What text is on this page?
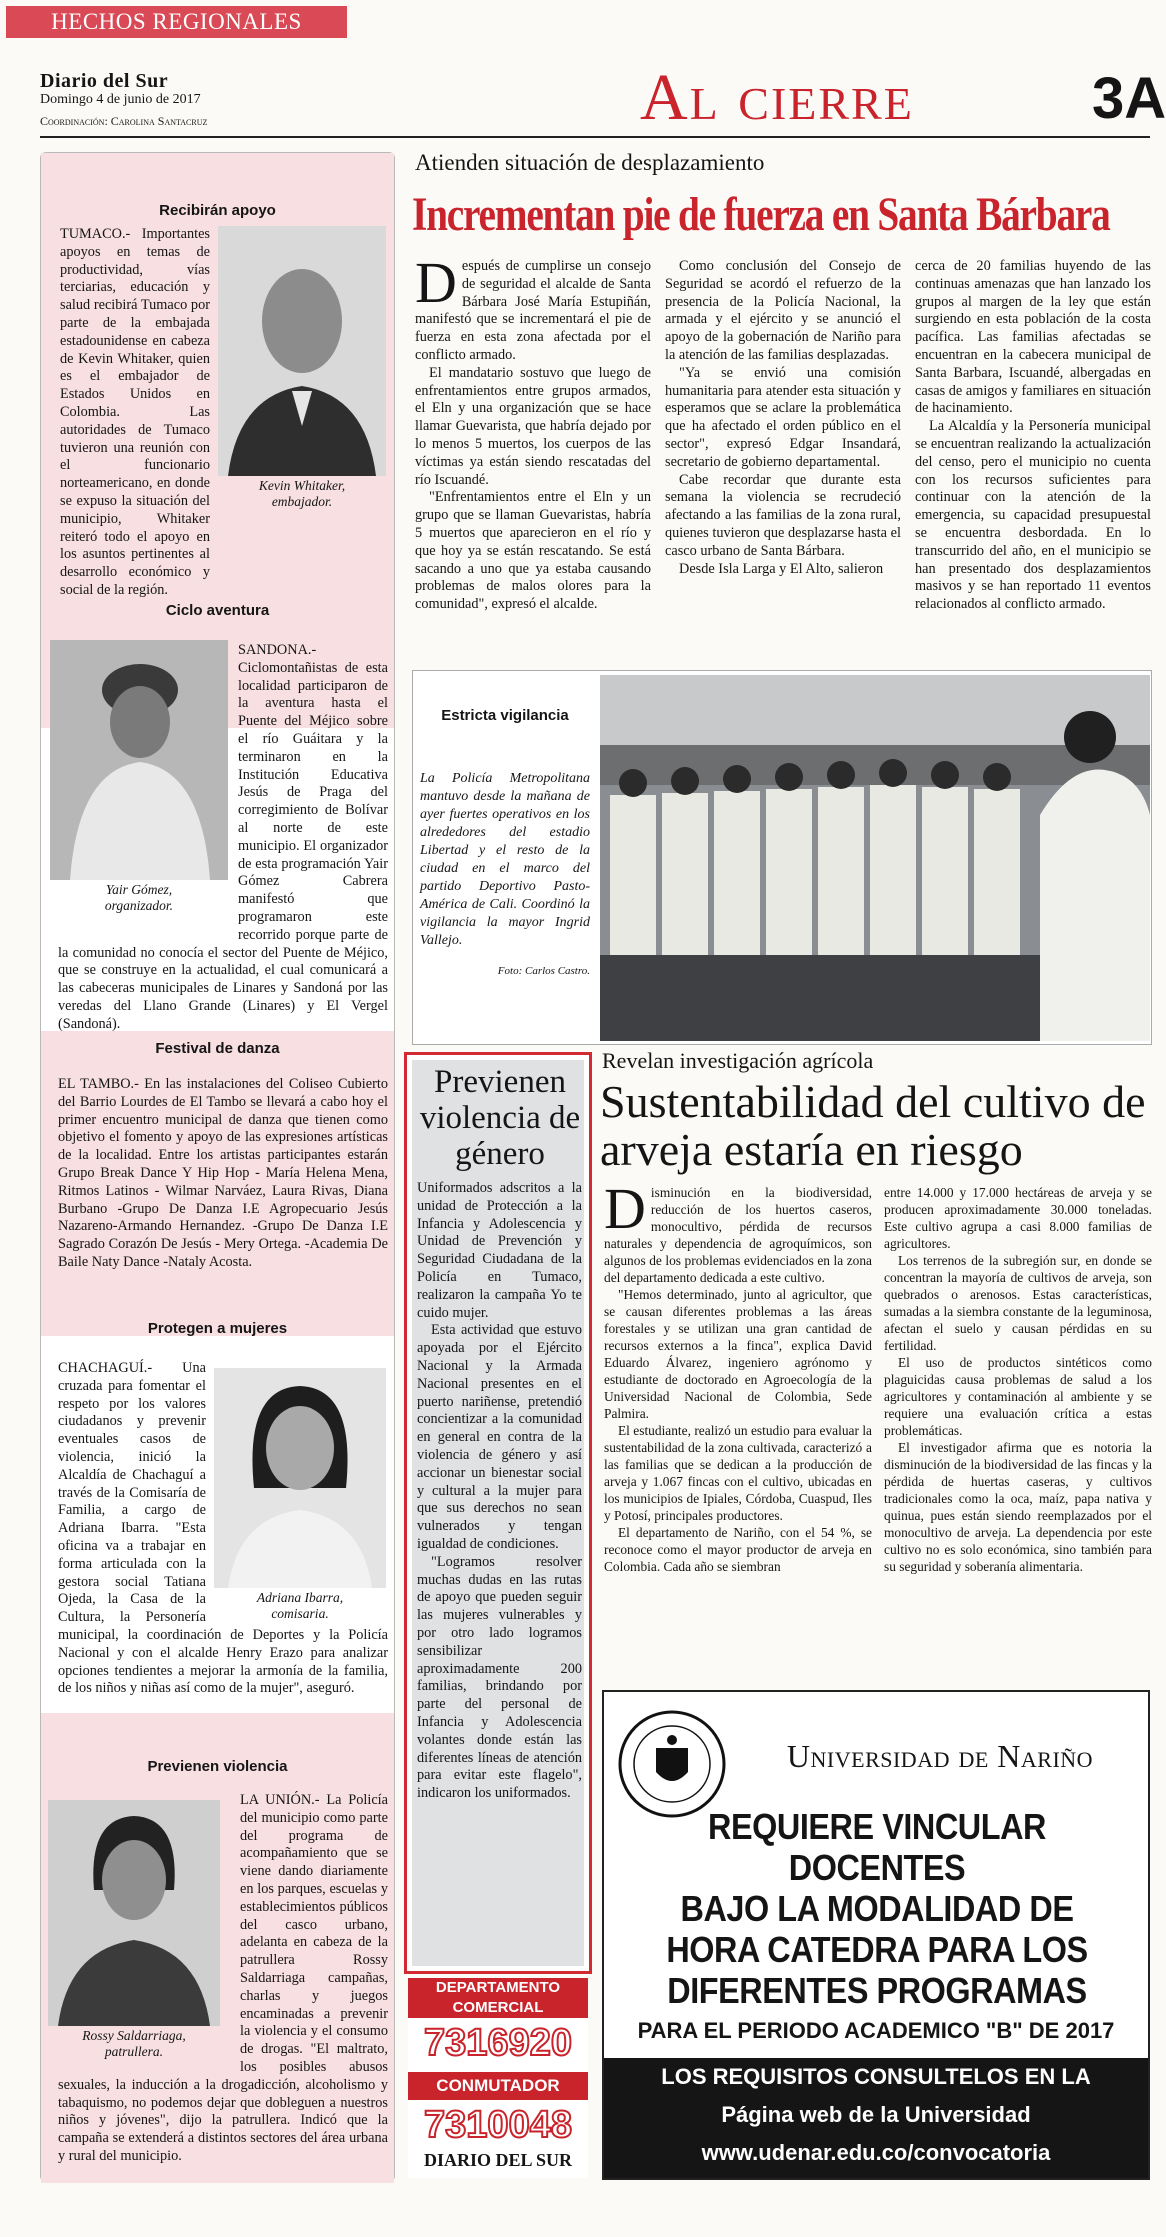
Diario del Sur
Domingo 4 de junio de 2017
Coordinación: Carolina Santacruz	Al cierre	3A
HECHOS REGIONALES
Recibirán apoyo
Kevin Whitaker,
embajador.
TUMACO.- Importantes apoyos en temas de productividad, vías terciarias, educación y salud recibirá Tumaco por parte de la embajada estadounidense en cabeza de Kevin Whitaker, quien es el embajador de Estados Unidos en Colombia. Las autoridades de Tumaco tuvieron una reunión con el funcionario norteamericano, en donde se expuso la situación del municipio, Whitaker reiteró todo el apoyo en los asuntos pertinentes al desarrollo económico y social de la región.
Ciclo aventura
Yair Gómez,
organizador.
SANDONA.- Ciclomontañistas de esta localidad participaron de la aventura hasta el Puente del Méjico sobre el río Guáitara y la terminaron en la Institución Educativa Jesús de Praga del corregimiento de Bolívar al norte de este municipio. El organizador de esta programación Yair Gómez Cabrera manifestó que programaron este recorrido porque parte de la comunidad no conocía el sector del Puente de Méjico, que se construye en la actualidad, el cual comunicará a las cabeceras municipales de Linares y Sandoná por las veredas del Llano Grande (Linares) y El Vergel (Sandoná).
Festival de danza
EL TAMBO.- En las instalaciones del Coliseo Cubierto del Barrio Lourdes de El Tambo se llevará a cabo hoy el primer encuentro municipal de danza que tienen como objetivo el fomento y apoyo de las expresiones artísticas de la localidad. Entre los artistas participantes estarán Grupo Break Dance Y Hip Hop - María Helena Mena, Ritmos Latinos - Wilmar Narváez, Laura Rivas, Diana Burbano -Grupo De Danza I.E Agropecuario Jesús Nazareno-Armando Hernandez. -Grupo De Danza I.E Sagrado Corazón De Jesús - Mery Ortega. -Academia De Baile Naty Dance -Nataly Acosta.
Protegen a mujeres
Adriana Ibarra,
comisaria.
CHACHAGUÍ.- Una cruzada para fomentar el respeto por los valores ciudadanos y prevenir eventuales casos de violencia, inició la Alcaldía de Chachaguí a través de la Comisaría de Familia, a cargo de Adriana Ibarra. "Esta oficina va a trabajar en forma articulada con la gestora social Tatiana Ojeda, la Casa de la Cultura, la Personería municipal, la coordinación de Deportes y la Policía Nacional y con el alcalde Henry Erazo para analizar opciones tendientes a mejorar la armonía de la familia, de los niños y niñas así como de la mujer", aseguró.
Previenen violencia
Rossy Saldarriaga,
patrullera.
LA UNIÓN.- La Policía del municipio como parte del programa de acompañamiento que se viene dando diariamente en los parques, escuelas y establecimientos públicos del casco urbano, adelanta en cabeza de la patrullera Rossy Saldarriaga campañas, charlas y juegos encaminadas a prevenir la violencia y el consumo de drogas. "El maltrato, los posibles abusos sexuales, la inducción a la drogadicción, alcoholismo y tabaquismo, no podemos dejar que dobleguen a nuestros niños y jóvenes", dijo la patrullera. Indicó que la campaña se extenderá a distintos sectores del área urbana y rural del municipio.
Atienden situación de desplazamiento
Incrementan pie de fuerza en Santa Bárbara

Después de cumplirse un consejo de seguridad el alcalde de Santa Bárbara José María Estupiñán, manifestó que se incrementará el pie de fuerza en esta zona afectada por el conflicto armado.

El mandatario sostuvo que luego de enfrentamientos entre grupos armados, el Eln y una organización que se hace llamar Guevarista, que habría dejado por lo menos 5 muertos, los cuerpos de las víctimas ya están siendo rescatadas del río Iscuandé.

"Enfrentamientos entre el Eln y un grupo que se llaman Guevaristas, habría 5 muertos que aparecieron en el río y que hoy ya se están rescatando. Se está sacando a uno que ya estaba causando problemas de malos olores para la comunidad", expresó el alcalde.

Como conclusión del Consejo de Seguridad se acordó el refuerzo de la presencia de la Policía Nacional, la armada y el ejército y se anunció el apoyo de la gobernación de Nariño para la atención de las familias desplazadas.

"Ya se envió una comisión humanitaria para atender esta situación y esperamos que se aclare la problemática que ha afectado el orden público en el sector", expresó Edgar Insandará, secretario de gobierno departamental.

Cabe recordar que durante esta semana la violencia se recrudeció afectando a las familias de la zona rural, quienes tuvieron que desplazarse hasta el casco urbano de Santa Bárbara.

Desde Isla Larga y El Alto, salieron

cerca de 20 familias huyendo de las continuas amenazas que han lanzado los grupos al margen de la ley que están surgiendo en esta población de la costa pacífica. Las familias afectadas se encuentran en la cabecera municipal de Santa Barbara, Iscuandé, albergadas en casas de amigos y familiares en situación de hacinamiento.

La Alcaldía y la Personería municipal se encuentran realizando la actualización del censo, pero el municipio no cuenta con los recursos suficientes para continuar con la atención de la emergencia, su capacidad presupuestal se encuentra desbordada. En lo transcurrido del año, en el municipio se han presentado dos desplazamientos masivos y se han reportado 11 eventos relacionados al conflicto armado.

Estricta vigilancia
La Policía Metropolitana mantuvo desde la mañana de ayer fuertes operativos en los alrededores del estadio Libertad y el resto de la ciudad en el marco del partido Deportivo Pasto-América de Cali. Coordinó la vigilancia la mayor Ingrid Vallejo.
Foto: Carlos Castro.
Previenen violencia de género

Uniformados adscritos a la unidad de Protección a la Infancia y Adolescencia y Unidad de Prevención y Seguridad Ciudadana de la Policía en Tumaco, realizaron la campaña Yo te cuido mujer.

Esta actividad que estuvo apoyada por el Ejército Nacional y la Armada Nacional presentes en el puerto nariñense, pretendió concientizar a la comunidad en general en contra de la violencia de género y así accionar un bienestar social y cultural a la mujer para que sus derechos no sean vulnerados y tengan igualdad de condiciones.

"Logramos resolver muchas dudas en las rutas de apoyo que pueden seguir las mujeres vulnerables y por otro lado logramos sensibilizar aproximadamente 200 familias, brindando por parte del personal de Infancia y Adolescencia volantes donde están las diferentes líneas de atención para evitar este flagelo", indicaron los uniformados.

DEPARTAMENTO
COMERCIAL
7316920
CONMUTADOR
7310048
DIARIO DEL SUR
Revelan investigación agrícola
Sustentabilidad del cultivo de arveja estaría en riesgo

Disminución en la biodiversidad, reducción de los huertos caseros, monocultivo, pérdida de recursos naturales y dependencia de agroquímicos, son algunos de los problemas evidenciados en la zona del departamento dedicada a este cultivo.

"Hemos determinado, junto al agricultor, que se causan diferentes problemas a las áreas forestales y se utilizan una gran cantidad de recursos externos a la finca", explica David Eduardo Álvarez, ingeniero agrónomo y estudiante de doctorado en Agroecología de la Universidad Nacional de Colombia, Sede Palmira.

El estudiante, realizó un estudio para evaluar la sustentabilidad de la zona cultivada, caracterizó a las familias que se dedican a la producción de arveja y 1.067 fincas con el cultivo, ubicadas en los municipios de Ipiales, Córdoba, Cuaspud, Iles y Potosí, principales productores.

El departamento de Nariño, con el 54 %, se reconoce como el mayor productor de arveja en Colombia. Cada año se siembran

entre 14.000 y 17.000 hectáreas de arveja y se producen aproximadamente 30.000 toneladas. Este cultivo agrupa a casi 8.000 familias de agricultores.

Los terrenos de la subregión sur, en donde se concentran la mayoría de cultivos de arveja, son quebrados o arenosos. Estas características, sumadas a la siembra constante de la leguminosa, afectan el suelo y causan pérdidas en su fertilidad.

El uso de productos sintéticos como plaguicidas causa problemas de salud a los agricultores y contaminación al ambiente y se requiere una evaluación crítica a estas problemáticas.

El investigador afirma que es notoria la disminución de la biodiversidad de las fincas y la pérdida de huertas caseras, y cultivos tradicionales como la oca, maíz, papa nativa y quinua, pues están siendo reemplazados por el monocultivo de arveja. La dependencia por este cultivo no es solo económica, sino también para su seguridad y soberanía alimentaria.

Universidad de Nariño
REQUIERE VINCULAR DOCENTES
BAJO LA MODALIDAD DE
HORA CATEDRA PARA LOS
DIFERENTES PROGRAMAS
PARA EL PERIODO ACADEMICO "B" DE 2017
LOS REQUISITOS CONSULTELOS EN LA
Página web de la Universidad
www.udenar.edu.co/convocatoria
